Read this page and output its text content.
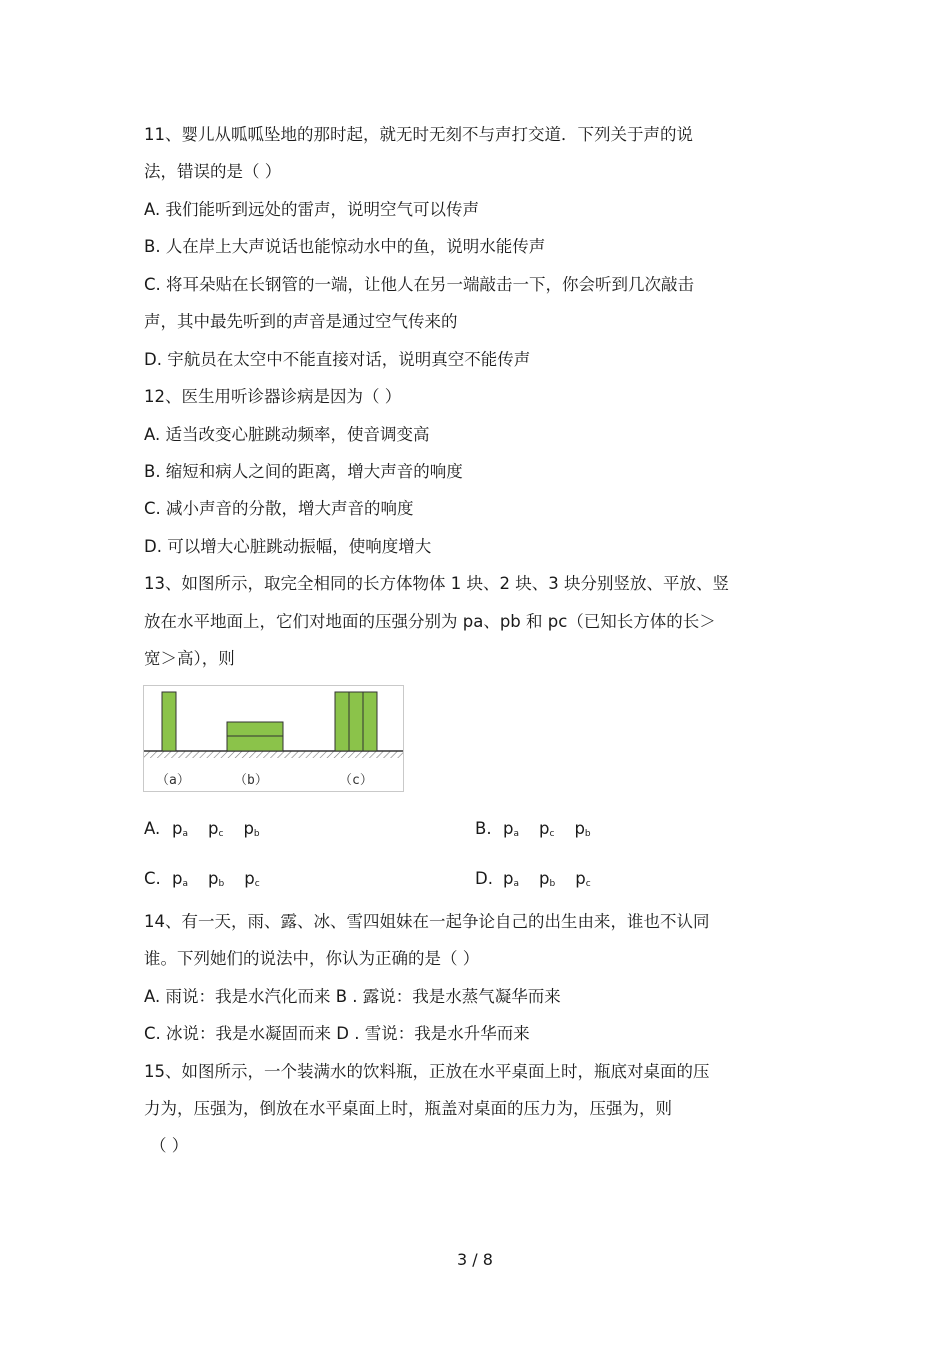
11、婴儿从呱呱坠地的那时起，就无时无刻不与声打交道．下列关于声的说
法，错误的是（ ）
A. 我们能听到远处的雷声，说明空气可以传声
B. 人在岸上大声说话也能惊动水中的鱼，说明水能传声
C. 将耳朵贴在长钢管的一端，让他人在另一端敲击一下，你会听到几次敲击
声，其中最先听到的声音是通过空气传来的
D. 宇航员在太空中不能直接对话，说明真空不能传声
12、医生用听诊器诊病是因为（ ）
A. 适当改变心脏跳动频率，使音调变高
B. 缩短和病人之间的距离，增大声音的响度
C. 减小声音的分散，增大声音的响度
D. 可以增大心脏跳动振幅，使响度增大
13、如图所示，取完全相同的长方体物体 1 块、2 块、3 块分别竖放、平放、竖
放在水平地面上，它们对地面的压强分别为 pa、pb 和 pc（已知长方体的长＞
宽＞高），则
（a）	（b）	（c）
A. $p_a$ $p_c$ $p_b$	B. $p_a$ $p_c$ $p_b$
C. $p_a$ $p_b$ $p_c$	D. $p_a$ $p_b$ $p_c$
14、有一天，雨、露、冰、雪四姐妹在一起争论自己的出生由来，谁也不认同
谁。下列她们的说法中，你认为正确的是（ ）
A. 雨说：我是水汽化而来 B . 露说：我是水蒸气凝华而来
C. 冰说：我是水凝固而来 D . 雪说：我是水升华而来
15、如图所示，一个装满水的饮料瓶，正放在水平桌面上时，瓶底对桌面的压
力为，压强为，倒放在水平桌面上时，瓶盖对桌面的压力为，压强为，则
（ ）
3 / 8
